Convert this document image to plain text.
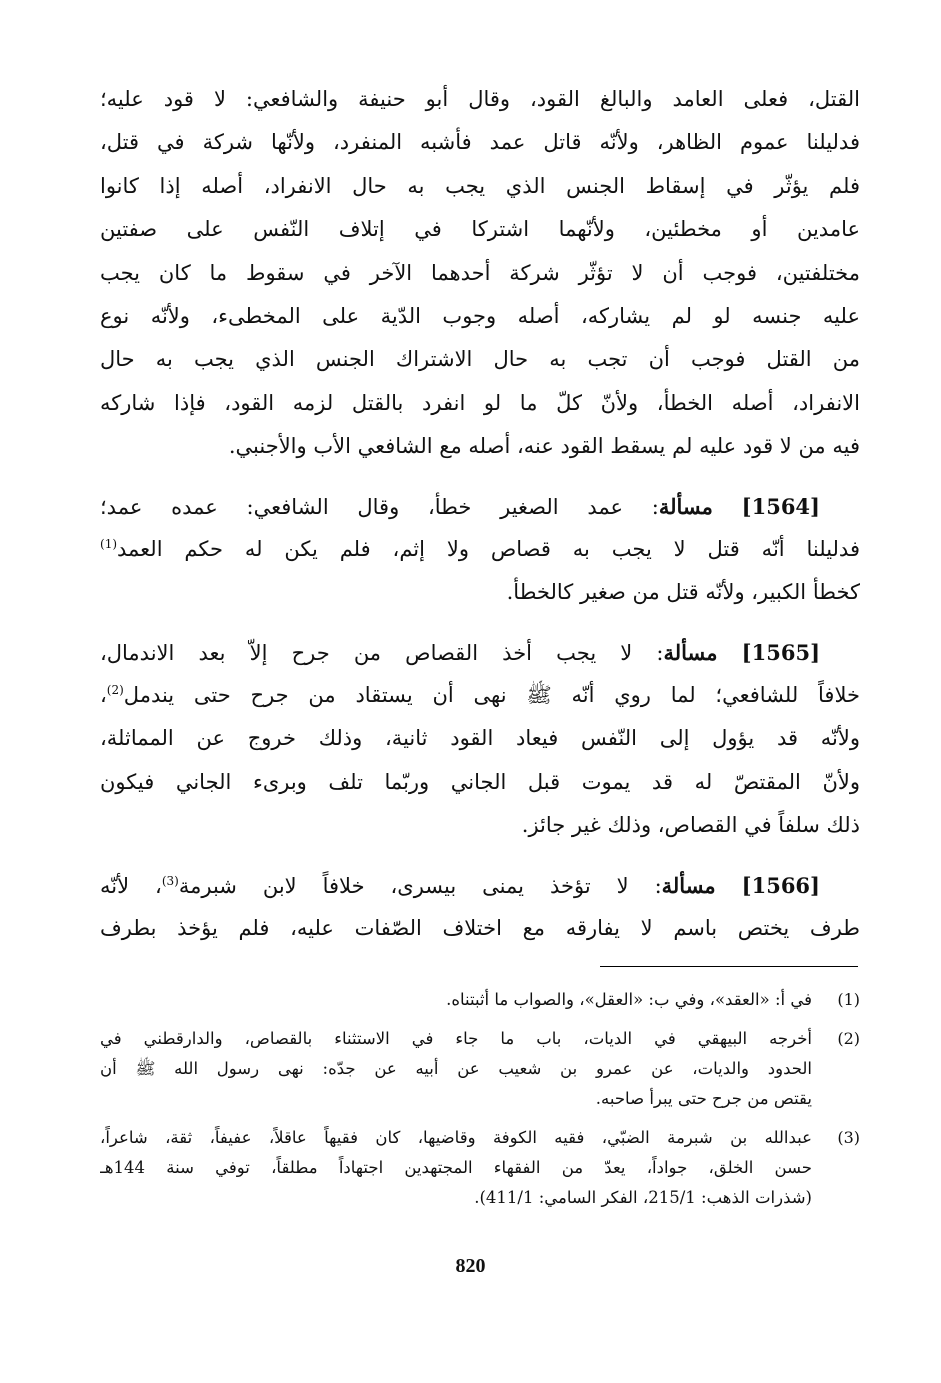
القتل، فعلى العامد والبالغ القود، وقال أبو حنيفة والشافعي: لا قود عليه؛
فدليلنا عموم الظاهر، ولأنّه قاتل عمد فأشبه المنفرد، ولأنّها شركة في قتل،
فلم يؤثّر في إسقاط الجنس الذي يجب به حال الانفراد، أصله إذا كانوا
عامدين أو مخطئين، ولأنّهما اشتركا في إتلاف النّفس على صفتين
مختلفتين، فوجب أن لا تؤثّر شركة أحدهما الآخر في سقوط ما كان يجب
عليه جنسه لو لم يشاركه، أصله وجوب الدّية على المخطىء، ولأنّه نوع
من القتل فوجب أن تجب به حال الاشتراك الجنس الذي يجب به حال
الانفراد، أصله الخطأ، ولأنّ كلّ ما لو انفرد بالقتل لزمه القود، فإذا شاركه
فيه من لا قود عليه لم يسقط القود عنه، أصله مع الشافعي الأب والأجنبي.
[1564] مسألة: عمد الصغير خطأ، وقال الشافعي: عمده عمد؛
فدليلنا أنّه قتل لا يجب به قصاص ولا إثم، فلم يكن له حكم العمد$^{(1)}$
كخطأ الكبير، ولأنّه قتل من صغير كالخطأ.
[1565] مسألة: لا يجب أخذ القصاص من جرح إلاّ بعد الاندمال،
خلافاً للشافعي؛ لما روي أنّه ﷺ نهى أن يستقاد من جرح حتى يندمل$^{(2)}$،
ولأنّه قد يؤول إلى النّفس فيعاد القود ثانية، وذلك خروج عن المماثلة،
ولأنّ المقتصّ له قد يموت قبل الجاني وربّما تلف وبرىء الجاني فيكون
ذلك سلفاً في القصاص، وذلك غير جائز.
[1566] مسألة: لا تؤخذ يمنى بيسرى، خلافاً لابن شبرمة$^{(3)}$، لأنّه
طرف يختص باسم لا يفارقه مع اختلاف الصّفات عليه، فلم يؤخذ بطرف
(1)
في أ: «العقد»، وفي ب: «العقل»، والصواب ما أثبتناه.
(2)
أخرجه البيهقي في الديات، باب ما جاء في الاستثناء بالقصاص، والدارقطني في
الحدود والديات، عن عمرو بن شعيب عن أبيه عن جدّه: نهى رسول الله ﷺ أن
يقتص من جرح حتى يبرأ صاحبه.
(3)
عبدالله بن شبرمة الضبّي، فقيه الكوفة وقاضيها، كان فقيهاً عاقلاً، عفيفاً، ثقة، شاعراً،
حسن الخلق، جواداً، يعدّ من الفقهاء المجتهدين اجتهاداً مطلقاً، توفي سنة 144هـ
(شذرات الذهب: 215/1، الفكر السامي: 411/1).
820
